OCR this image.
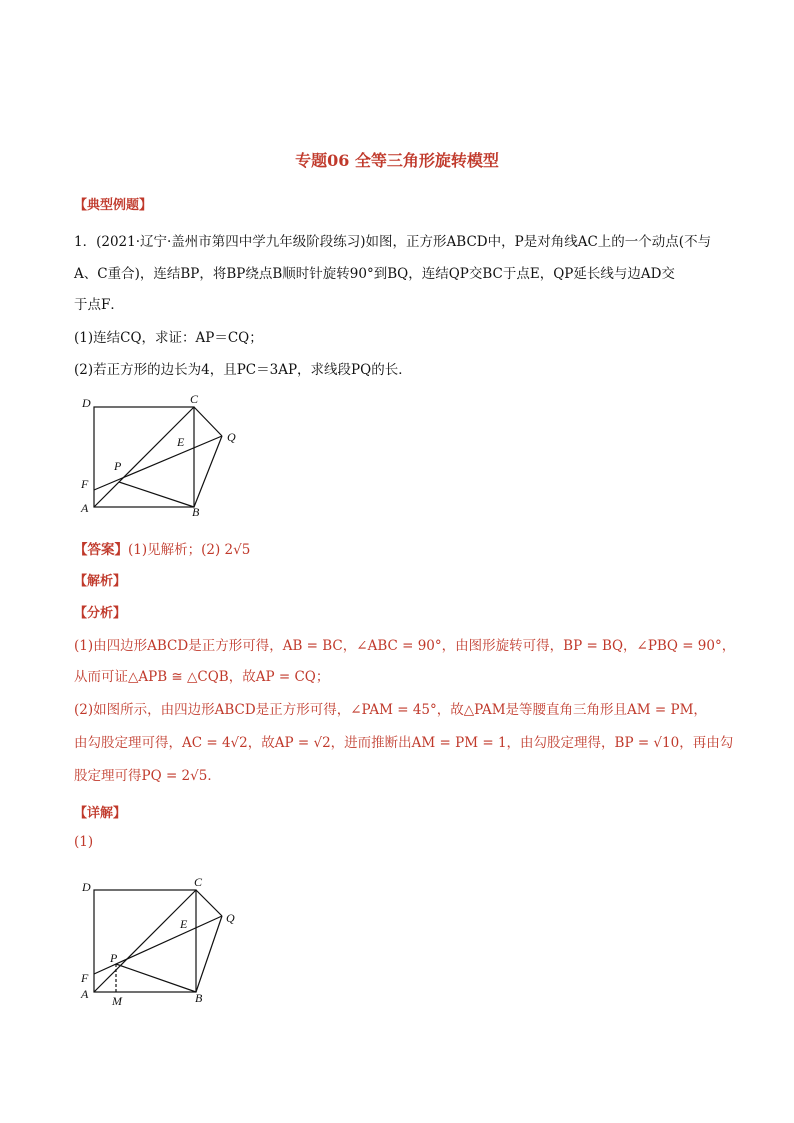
专题06 全等三角形旋转模型
【典型例题】
1．(2021·辽宁·盖州市第四中学九年级阶段练习)如图，正方形ABCD中，P是对角线AC上的一个动点(不与
A、C重合)，连结BP，将BP绕点B顺时针旋转90°到BQ，连结QP交BC于点E，QP延长线与边AD交
于点F．
(1)连结CQ，求证：AP＝CQ；
(2)若正方形的边长为4，且PC＝3AP，求线段PQ的长．
D	C
E	Q
P
F
A	B
【答案】(1)见解析；(2) 2√5
【解析】
【分析】
(1)由四边形ABCD是正方形可得，AB = BC，∠ABC = 90°，由图形旋转可得，BP = BQ，∠PBQ = 90°，
从而可证△APB ≅ △CQB，故AP = CQ；
(2)如图所示，由四边形ABCD是正方形可得，∠PAM = 45°，故△PAM是等腰直角三角形且AM = PM，
由勾股定理可得，AC = 4√2，故AP = √2，进而推断出AM = PM = 1，由勾股定理得，BP = √10，再由勾
股定理可得PQ = 2√5．
【详解】
(1)
D	C
E	Q
P
F
A M	B
